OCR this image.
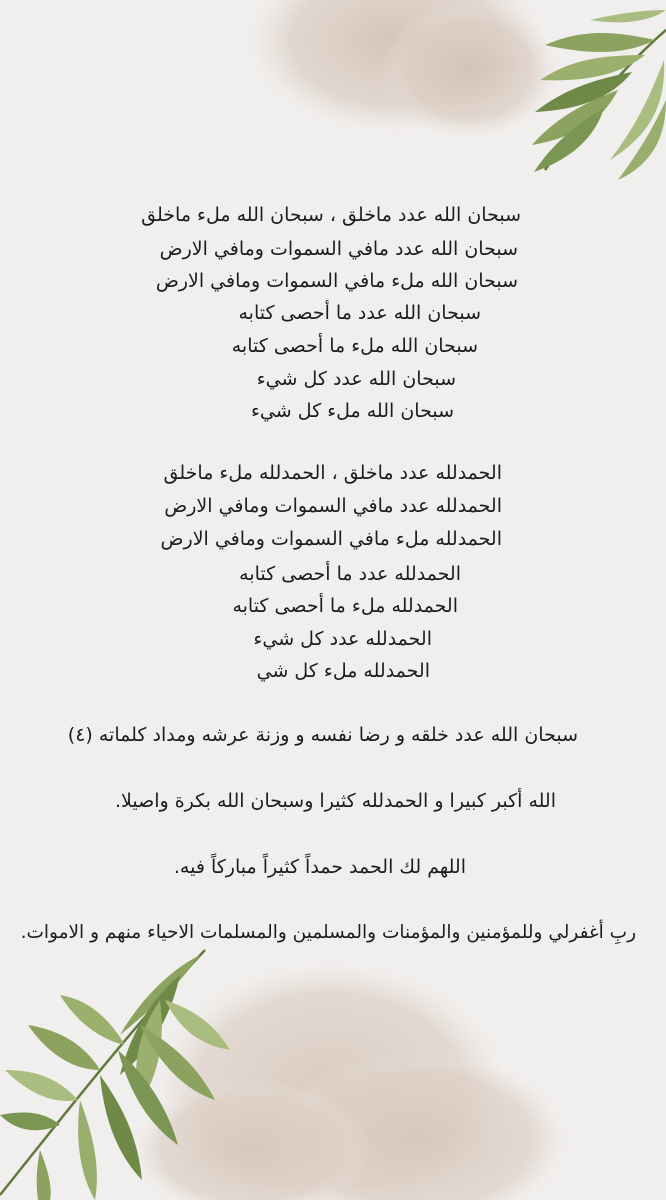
سبحان الله عدد ماخلق ، سبحان الله ملء ماخلق
سبحان الله عدد مافي السموات ومافي الارض
سبحان الله ملء مافي السموات ومافي الارض
سبحان الله عدد ما أحصى كتابه
سبحان الله ملء ما أحصى كتابه
سبحان الله عدد كل شيء
سبحان الله ملء كل شيء
الحمدلله عدد ماخلق ، الحمدلله ملء ماخلق
الحمدلله عدد مافي السموات ومافي الارض
الحمدلله ملء مافي السموات ومافي الارض
الحمدلله عدد ما أحصى كتابه
الحمدلله ملء ما أحصى كتابه
الحمدلله عدد كل شيء
الحمدلله ملء كل شي
سبحان الله عدد خلقه و رضا نفسه و وزنة عرشه ومداد كلماته (٤)
الله أكبر كبيرا و الحمدلله كثيرا وسبحان الله بكرة واصيلا.
اللهم لك الحمد حمداً كثيراً مباركاً فيه.
ربِ أغفرلي وللمؤمنين والمؤمنات والمسلمين والمسلمات الاحياء منهم و الاموات.
